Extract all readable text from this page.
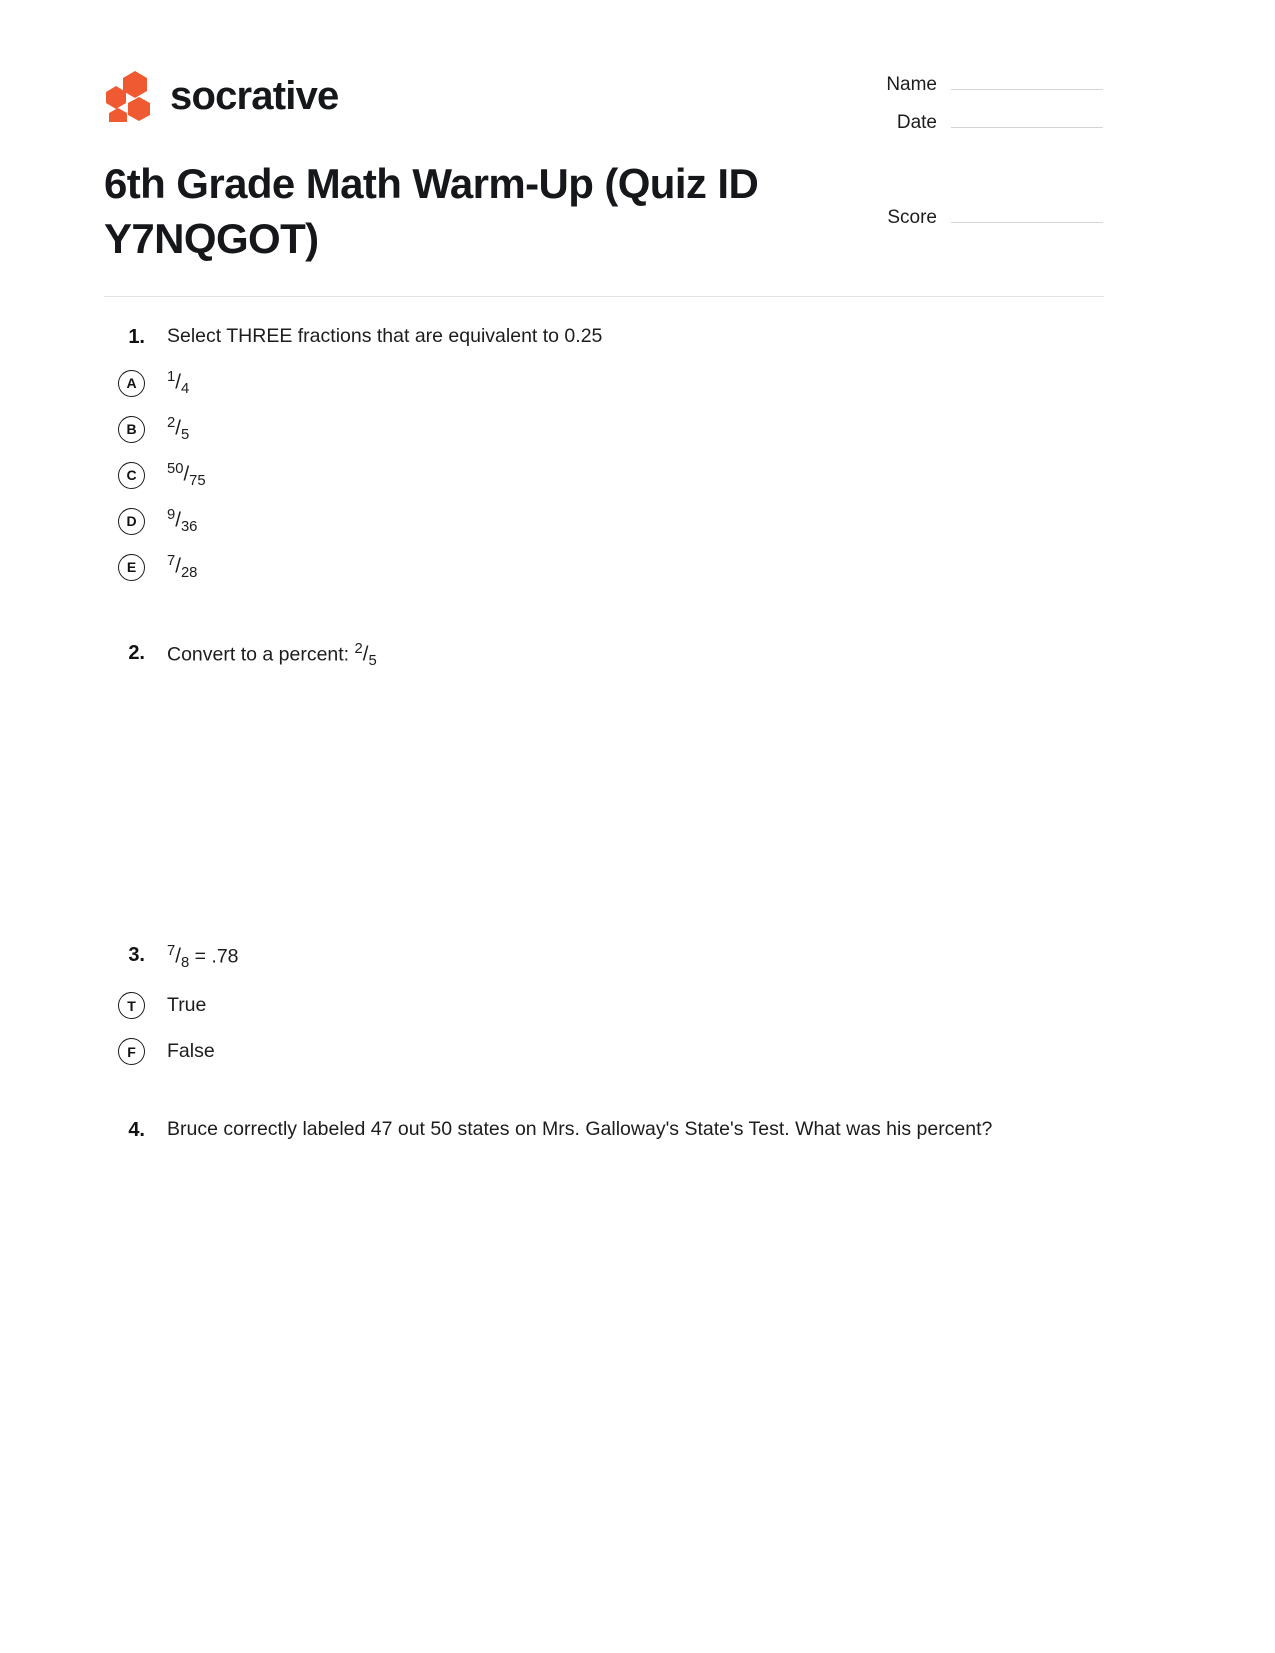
socrative	Name
Date
Score
6th Grade Math Warm-Up (Quiz ID Y7NQGOT)
1.	Select THREE fractions that are equivalent to 0.25
A	$^1/_4$
B	$^2/_5$
C	$^{50}/_{75}$
D	$^9/_{36}$
E	$^7/_{28}$
2.	Convert to a percent: $^2/_5$
3.	$^7/_8 = .78$
T	True
F	False
4.	Bruce correctly labeled 47 out 50 states on Mrs. Galloway's State's Test. What was his percent?
